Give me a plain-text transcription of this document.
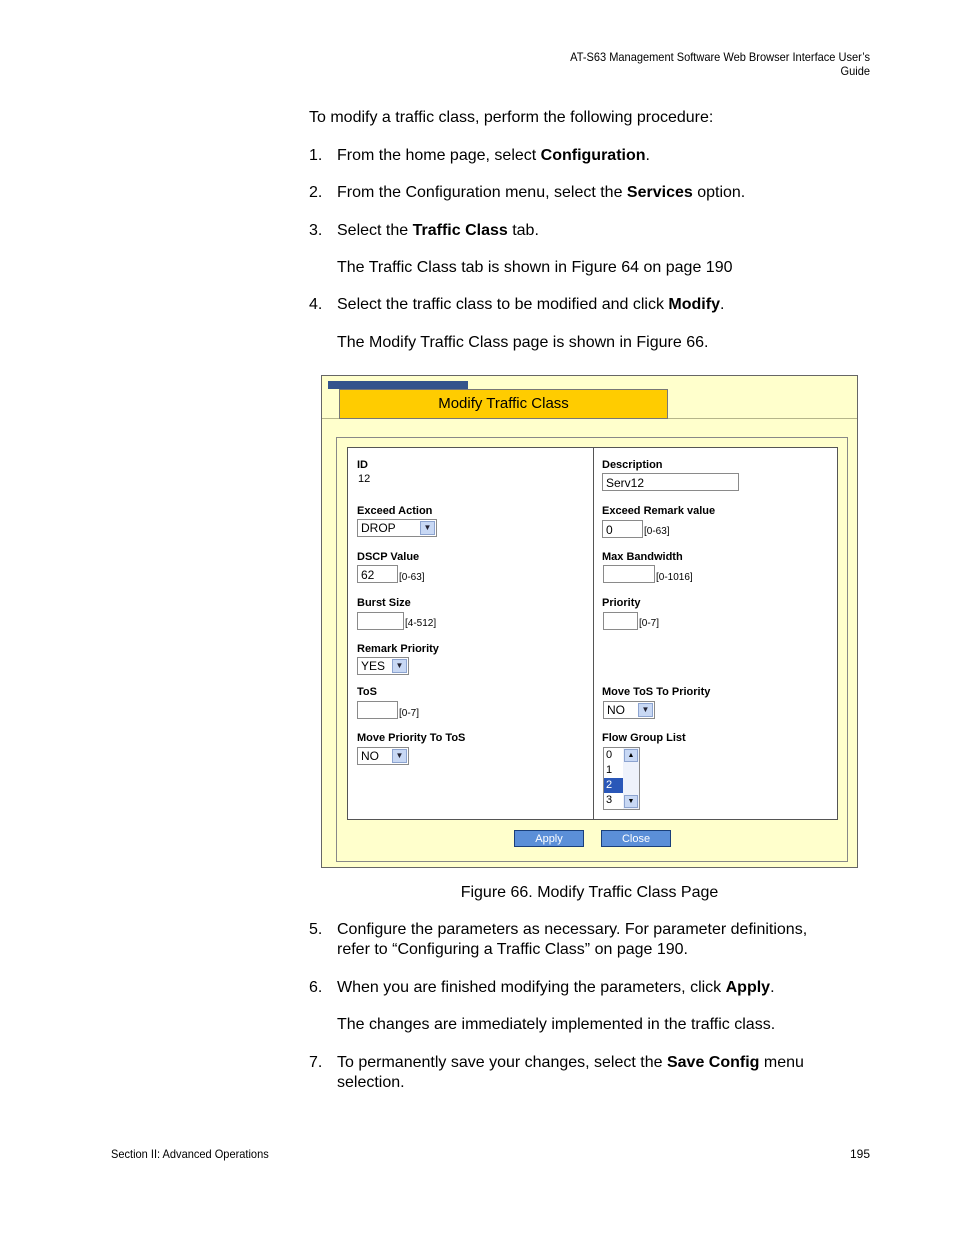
AT-S63 Management Software Web Browser Interface User’s Guide
To modify a traffic class, perform the following procedure:
1. From the home page, select Configuration.
2. From the Configuration menu, select the Services option.
3. Select the Traffic Class tab.
The Traffic Class tab is shown in Figure 64 on page 190
4. Select the traffic class to be modified and click Modify.
The Modify Traffic Class page is shown in Figure 66.
Modify Traffic Class
ID
12
Exceed Action
DROP	▼
DSCP Value
62	[0-63]
Burst Size
[4-512]
Remark Priority
YES	▼
ToS
[0-7]
Move Priority To ToS
NO	▼
Description
Serv12
Exceed Remark value
0	[0-63]
Max Bandwidth
[0-1016]
Priority
[0-7]
Move ToS To Priority
NO	▼
Flow Group List
0
1
2
3
▲
▼
Apply	Close
Figure 66. Modify Traffic Class Page
5. Configure the parameters as necessary. For parameter definitions,
refer to “Configuring a Traffic Class” on page 190.
6. When you are finished modifying the parameters, click Apply.
The changes are immediately implemented in the traffic class.
7. To permanently save your changes, select the Save Config menu
selection.
Section II: Advanced Operations	195
